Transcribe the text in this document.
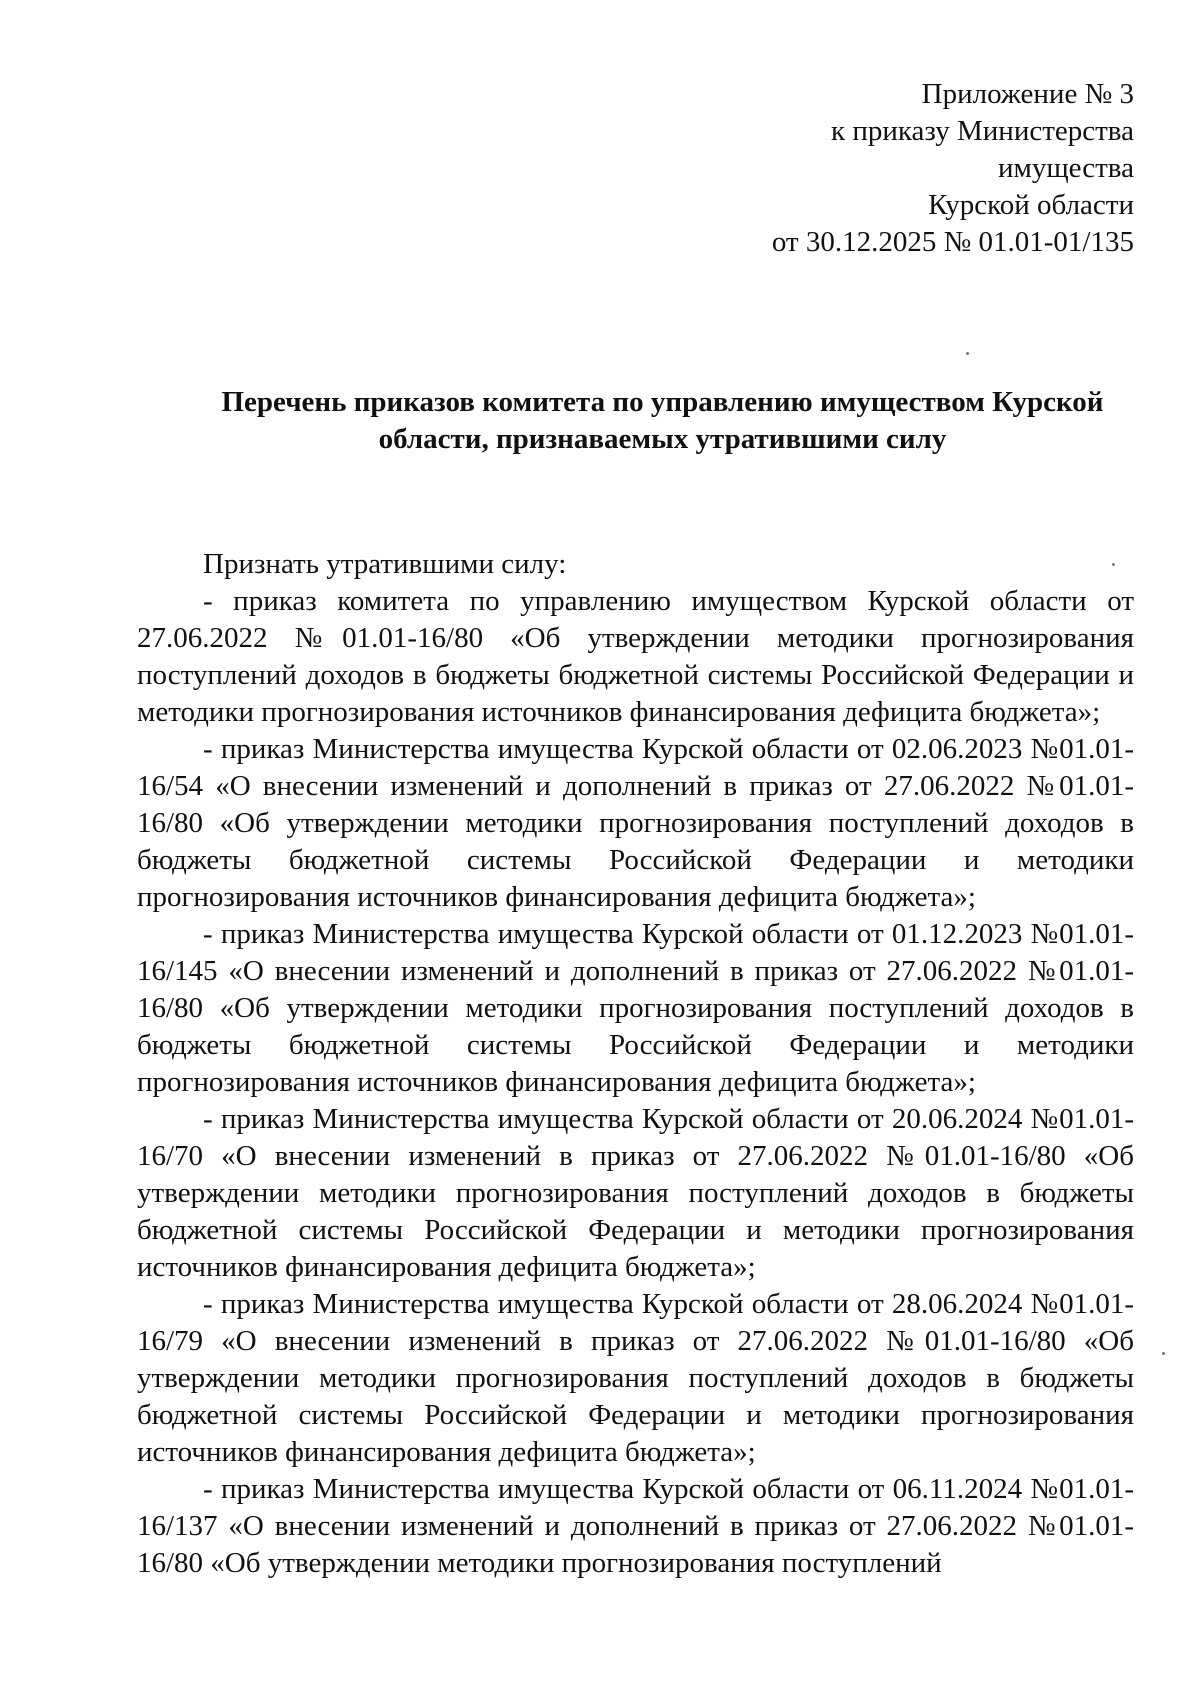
Приложение № 3
к приказу Министерства
имущества
Курской области
от 30.12.2025 № 01.01-01/135
Перечень приказов комитета по управлению имуществом Курской
области, признаваемых утратившими силу
Признать утратившими силу:

- приказ комитета по управлению имуществом Курской области от 27.06.2022 №01.01-16/80 «Об утверждении методики прогнозирования поступлений доходов в бюджеты бюджетной системы Российской Федерации и методики прогнозирования источников финансирования дефицита бюджета»;

- приказ Министерства имущества Курской области от 02.06.2023 №01.01-16/54 «О внесении изменений и дополнений в приказ от 27.06.2022 №01.01-16/80 «Об утверждении методики прогнозирования поступлений доходов в бюджеты бюджетной системы Российской Федерации и методики прогнозирования источников финансирования дефицита бюджета»;

- приказ Министерства имущества Курской области от 01.12.2023 №01.01-16/145 «О внесении изменений и дополнений в приказ от 27.06.2022 №01.01-16/80 «Об утверждении методики прогнозирования поступлений доходов в бюджеты бюджетной системы Российской Федерации и методики прогнозирования источников финансирования дефицита бюджета»;

- приказ Министерства имущества Курской области от 20.06.2024 №01.01-16/70 «О внесении изменений в приказ от 27.06.2022 №01.01-16/80 «Об утверждении методики прогнозирования поступлений доходов в бюджеты бюджетной системы Российской Федерации и методики прогнозирования источников финансирования дефицита бюджета»;

- приказ Министерства имущества Курской области от 28.06.2024 №01.01-16/79 «О внесении изменений в приказ от 27.06.2022 №01.01-16/80 «Об утверждении методики прогнозирования поступлений доходов в бюджеты бюджетной системы Российской Федерации и методики прогнозирования источников финансирования дефицита бюджета»;

- приказ Министерства имущества Курской области от 06.11.2024 №01.01-16/137 «О внесении изменений и дополнений в приказ от 27.06.2022 №01.01-16/80 «Об утверждении методики прогнозирования поступлений
